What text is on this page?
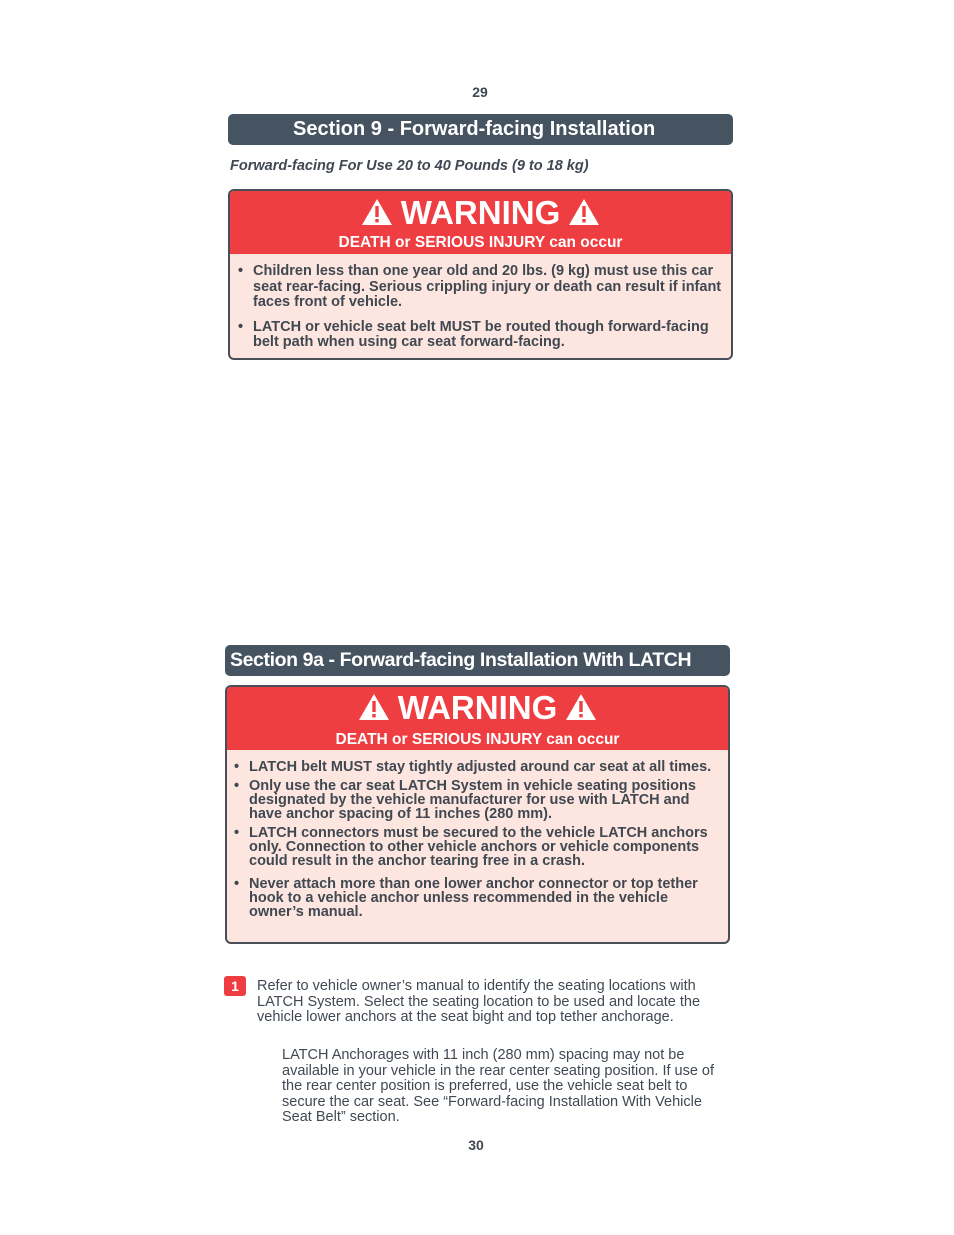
29
Section 9 - Forward-facing Installation
Forward-facing For Use 20 to 40 Pounds (9 to 18 kg)
WARNING
DEATH or SERIOUS INJURY can occur
• Children less than one year old and 20 lbs. (9 kg) must use this car seat rear-facing. Serious crippling injury or death can result if infant faces front of vehicle.
• LATCH or vehicle seat belt MUST be routed though forward-facing belt path when using car seat forward-facing.
Section 9a - Forward-facing Installation With LATCH
WARNING
DEATH or SERIOUS INJURY can occur
• LATCH belt MUST stay tightly adjusted around car seat at all times.
• Only use the car seat LATCH System in vehicle seating positions designated by the vehicle manufacturer for use with LATCH and have anchor spacing of 11 inches (280 mm).
• LATCH connectors must be secured to the vehicle LATCH anchors only. Connection to other vehicle anchors or vehicle components could result in the anchor tearing free in a crash.
• Never attach more than one lower anchor connector or top tether hook to a vehicle anchor unless recommended in the vehicle owner’s manual.
1	Refer to vehicle owner’s manual to identify the seating locations with LATCH System. Select the seating location to be used and locate the vehicle lower anchors at the seat bight and top tether anchorage.
LATCH Anchorages with 11 inch (280 mm) spacing may not be available in your vehicle in the rear center seating position. If use of the rear center position is preferred, use the vehicle seat belt to secure the car seat. See “Forward-facing Installation With Vehicle Seat Belt” section.
30
